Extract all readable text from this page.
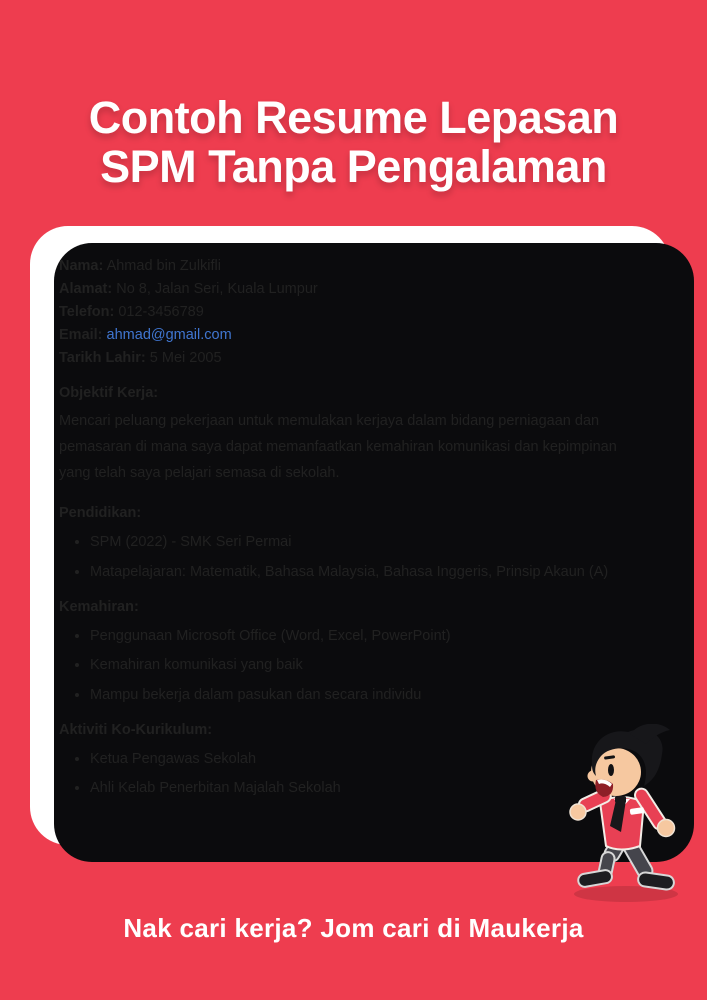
Contoh Resume Lepasan
SPM Tanpa Pengalaman

Nama: Ahmad bin Zulkifli

Alamat: No 8, Jalan Seri, Kuala Lumpur

Telefon: 012-3456789

Email: ahmad@gmail.com

Tarikh Lahir: 5 Mei 2005

Objektif Kerja:

Mencari peluang pekerjaan untuk memulakan kerjaya dalam bidang perniagaan dan pemasaran di mana saya dapat memanfaatkan kemahiran komunikasi dan kepimpinan yang telah saya pelajari semasa di sekolah.

Pendidikan:

• SPM (2022) - SMK Seri Permai
• Matapelajaran: Matematik, Bahasa Malaysia, Bahasa Inggeris, Prinsip Akaun (A)

Kemahiran:

• Penggunaan Microsoft Office (Word, Excel, PowerPoint)
• Kemahiran komunikasi yang baik
• Mampu bekerja dalam pasukan dan secara individu

Aktiviti Ko-Kurikulum:

• Ketua Pengawas Sekolah
• Ahli Kelab Penerbitan Majalah Sekolah

Nak cari kerja? Jom cari di Maukerja
